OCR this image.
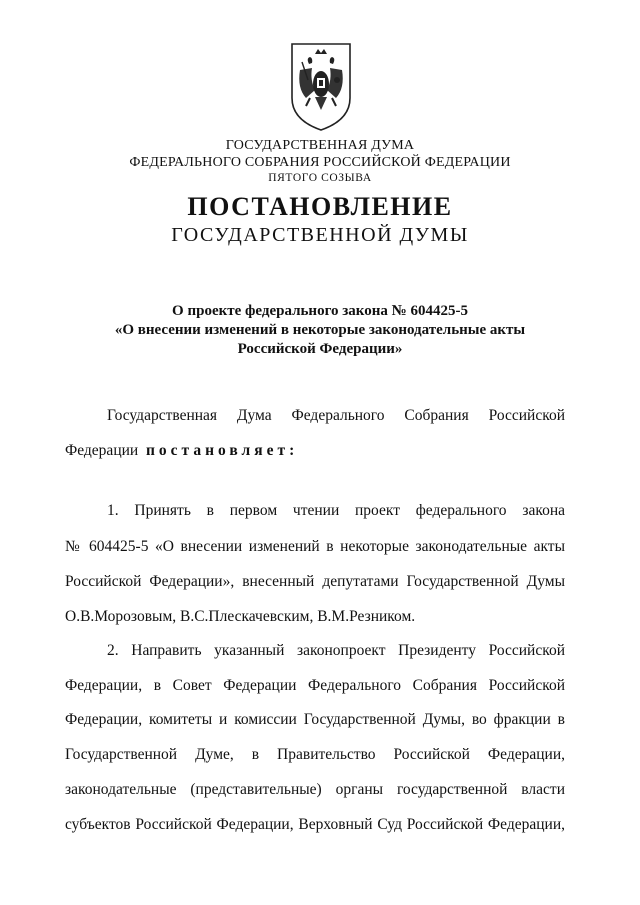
ГОСУДАРСТВЕННАЯ ДУМА
ФЕДЕРАЛЬНОГО СОБРАНИЯ РОССИЙСКОЙ ФЕДЕРАЦИИ
ПЯТОГО СОЗЫВА
ПОСТАНОВЛЕНИЕ
ГОСУДАРСТВЕННОЙ ДУМЫ
О проекте федерального закона № 604425-5
«О внесении изменений в некоторые законодательные акты
Российской Федерации»
Государственная Дума Федерального Собрания Российской
Федерации постановляет:
1. Принять в первом чтении проект федерального закона
№ 604425-5 «О внесении изменений в некоторые законодательные акты
Российской Федерации», внесенный депутатами Государственной Думы
О.В.Морозовым, В.С.Плескачевским, В.М.Резником.
2. Направить указанный законопроект Президенту Российской
Федерации, в Совет Федерации Федерального Собрания Российской
Федерации, комитеты и комиссии Государственной Думы, во фракции в
Государственной Думе, в Правительство Российской Федерации,
законодательные (представительные) органы государственной власти
субъектов Российской Федерации, Верховный Суд Российской Федерации,
